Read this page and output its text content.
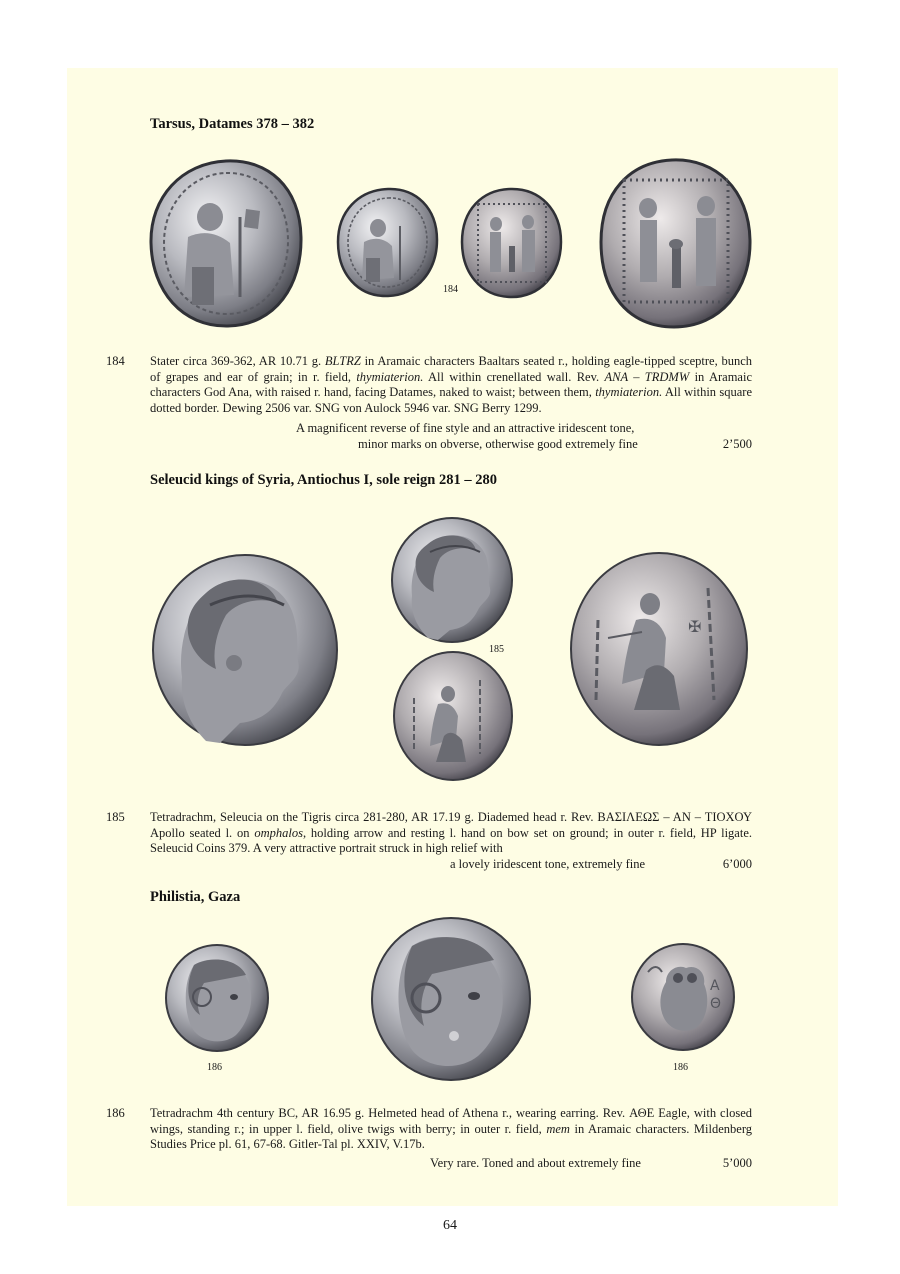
Tarsus, Datames 378 – 382
184
184 Stater circa 369-362, AR 10.71 g. BLTRZ in Aramaic characters Baaltars seated r., holding eagle-tipped sceptre, bunch of grapes and ear of grain; in r. field, thymiaterion. All within crenellated wall. Rev. ANA – TRDMW in Aramaic characters God Ana, with raised r. hand, facing Datames, naked to waist; between them, thymiaterion. All within square dotted border. Dewing 2506 var. SNG von Aulock 5946 var. SNG Berry 1299.
A magnificent reverse of fine style and an attractive iridescent tone,
minor marks on obverse, otherwise good extremely fine	2’500
Seleucid kings of Syria, Antiochus I, sole reign 281 – 280
✠
185
185 Tetradrachm, Seleucia on the Tigris circa 281-280, AR 17.19 g. Diademed head r. Rev. ΒΑΣΙΛΕΩΣ – ΑΝ – ΤΙΟΧΟΥ Apollo seated l. on omphalos, holding arrow and resting l. hand on bow set on ground; in outer r. field, HP ligate. Seleucid Coins 379. A very attractive portrait struck in high relief with
a lovely iridescent tone, extremely fine	6’000
Philistia, Gaza
Α
Θ
186	186
186 Tetradrachm 4th century BC, AR 16.95 g. Helmeted head of Athena r., wearing earring. Rev. ΑΘΕ Eagle, with closed wings, standing r.; in upper l. field, olive twigs with berry; in outer r. field, mem in Aramaic characters. Mildenberg Studies Price pl. 61, 67-68. Gitler-Tal pl. XXIV, V.17b.
Very rare. Toned and about extremely fine	5’000
64
